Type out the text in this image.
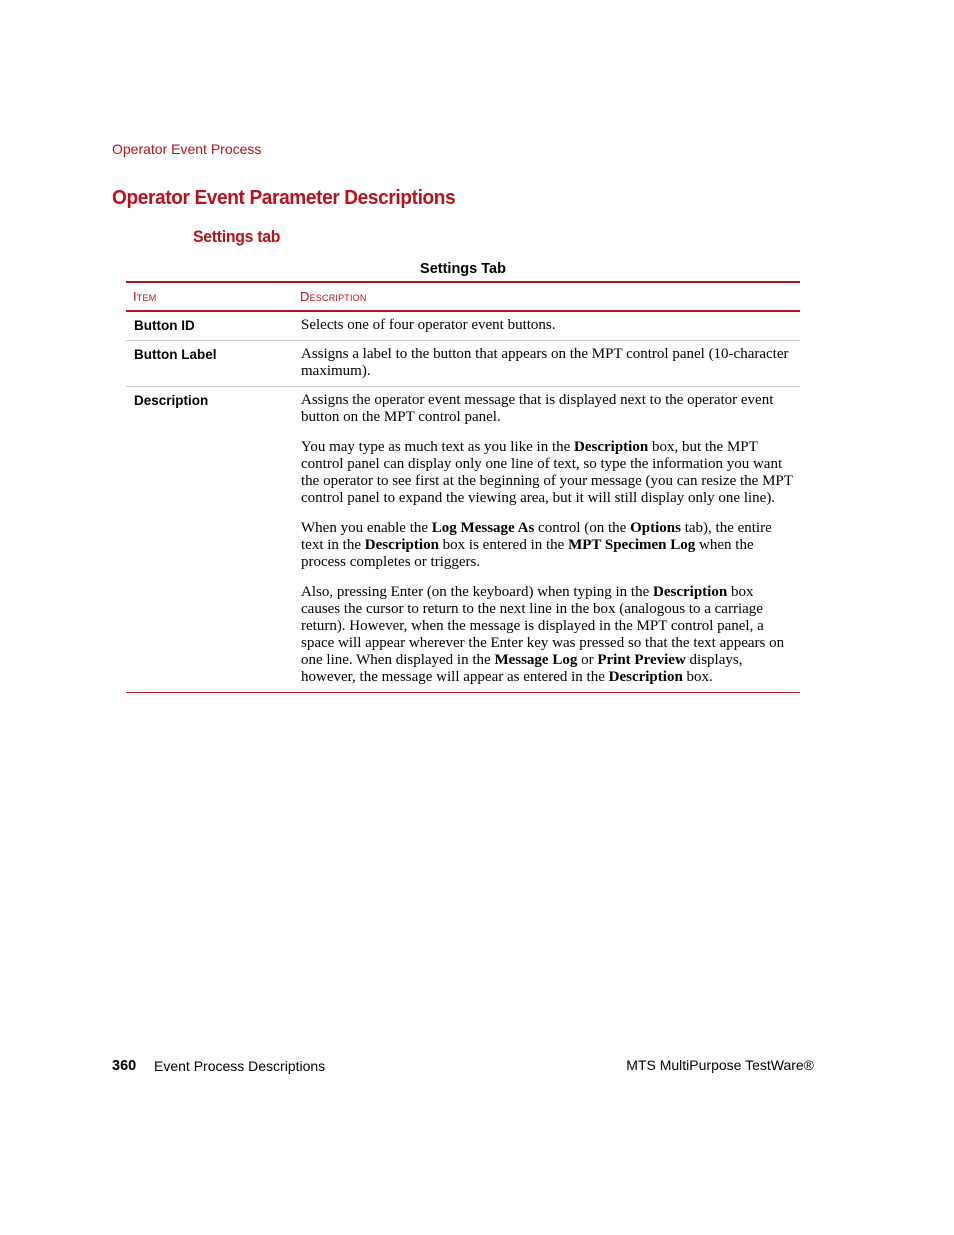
Operator Event Process
Operator Event Parameter Descriptions
Settings tab
Settings Tab
Item	Description
Button ID	Selects one of four operator event buttons.

Button Label	Assigns a label to the button that appears on the MPT control panel (10-character maximum).

Description	Assigns the operator event message that is displayed next to the operator event button on the MPT control panel.

You may type as much text as you like in the Description box, but the MPT control panel can display only one line of text, so type the information you want the operator to see first at the beginning of your message (you can resize the MPT control panel to expand the viewing area, but it will still display only one line).

When you enable the Log Message As control (on the Options tab), the entire text in the Description box is entered in the MPT Specimen Log when the process completes or triggers.

Also, pressing Enter (on the keyboard) when typing in the Description box causes the cursor to return to the next line in the box (analogous to a carriage return). However, when the message is displayed in the MPT control panel, a space will appear wherever the Enter key was pressed so that the text appears on one line. When displayed in the Message Log or Print Preview displays, however, the message will appear as entered in the Description box.

360 Event Process Descriptions	MTS MultiPurpose TestWare®
